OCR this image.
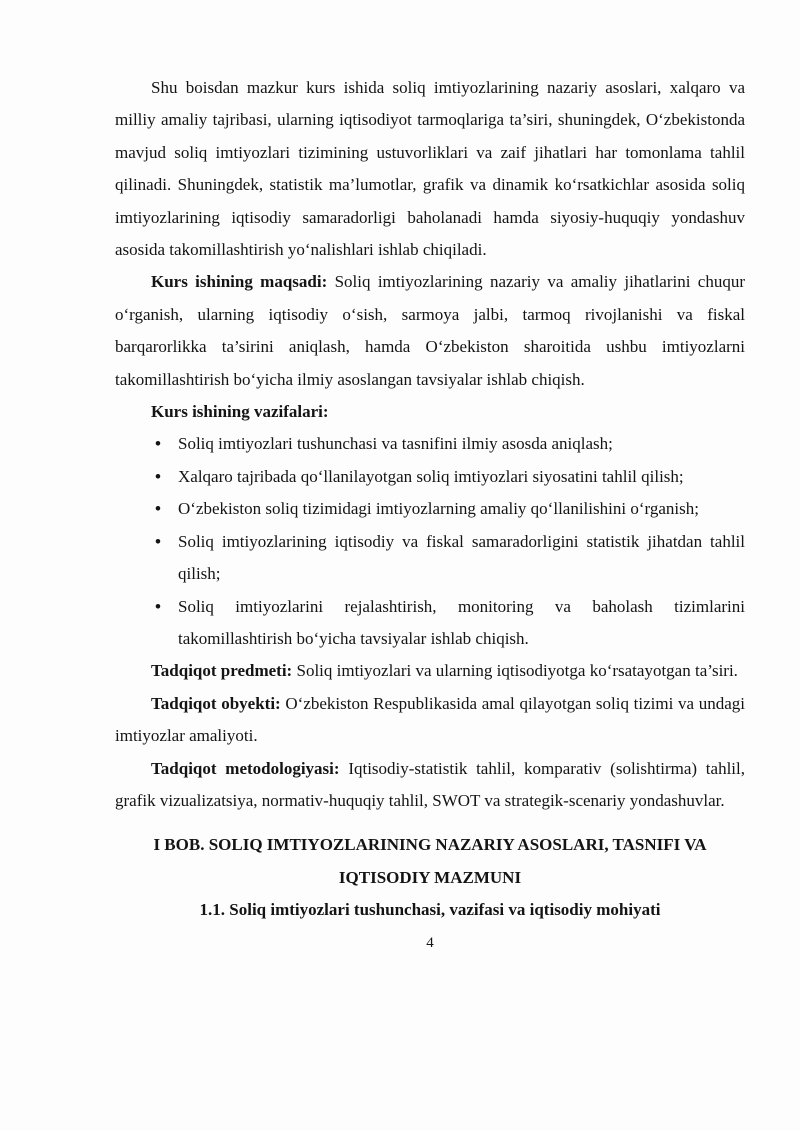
Shu boisdan mazkur kurs ishida soliq imtiyozlarining nazariy asoslari, xalqaro va milliy amaliy tajribasi, ularning iqtisodiyot tarmoqlariga ta’siri, shuningdek, O‘zbekistonda mavjud soliq imtiyozlari tizimining ustuvorliklari va zaif jihatlari har tomonlama tahlil qilinadi. Shuningdek, statistik ma’lumotlar, grafik va dinamik ko‘rsatkichlar asosida soliq imtiyozlarining iqtisodiy samaradorligi baholanadi hamda siyosiy-huquqiy yondashuv asosida takomillashtirish yo‘nalishlari ishlab chiqiladi.

Kurs ishining maqsadi: Soliq imtiyozlarining nazariy va amaliy jihatlarini chuqur o‘rganish, ularning iqtisodiy o‘sish, sarmoya jalbi, tarmoq rivojlanishi va fiskal barqarorlikka ta’sirini aniqlash, hamda O‘zbekiston sharoitida ushbu imtiyozlarni takomillashtirish bo‘yicha ilmiy asoslangan tavsiyalar ishlab chiqish.

Kurs ishining vazifalari:

• Soliq imtiyozlari tushunchasi va tasnifini ilmiy asosda aniqlash;
• Xalqaro tajribada qo‘llanilayotgan soliq imtiyozlari siyosatini tahlil qilish;
• O‘zbekiston soliq tizimidagi imtiyozlarning amaliy qo‘llanilishini o‘rganish;
• Soliq imtiyozlarining iqtisodiy va fiskal samaradorligini statistik jihatdan tahlil qilish;
• Soliq imtiyozlarini rejalashtirish, monitoring va baholash tizimlarini takomillashtirish bo‘yicha tavsiyalar ishlab chiqish.

Tadqiqot predmeti: Soliq imtiyozlari va ularning iqtisodiyotga ko‘rsatayotgan ta’siri.

Tadqiqot obyekti: O‘zbekiston Respublikasida amal qilayotgan soliq tizimi va undagi imtiyozlar amaliyoti.

Tadqiqot metodologiyasi: Iqtisodiy-statistik tahlil, komparativ (solishtirma) tahlil, grafik vizualizatsiya, normativ-huquqiy tahlil, SWOT va strategik-scenariy yondashuvlar.

I BOB. SOLIQ IMTIYOZLARINING NAZARIY ASOSLARI, TASNIFI VA IQTISODIY MAZMUNI

1.1. Soliq imtiyozlari tushunchasi, vazifasi va iqtisodiy mohiyati

4
